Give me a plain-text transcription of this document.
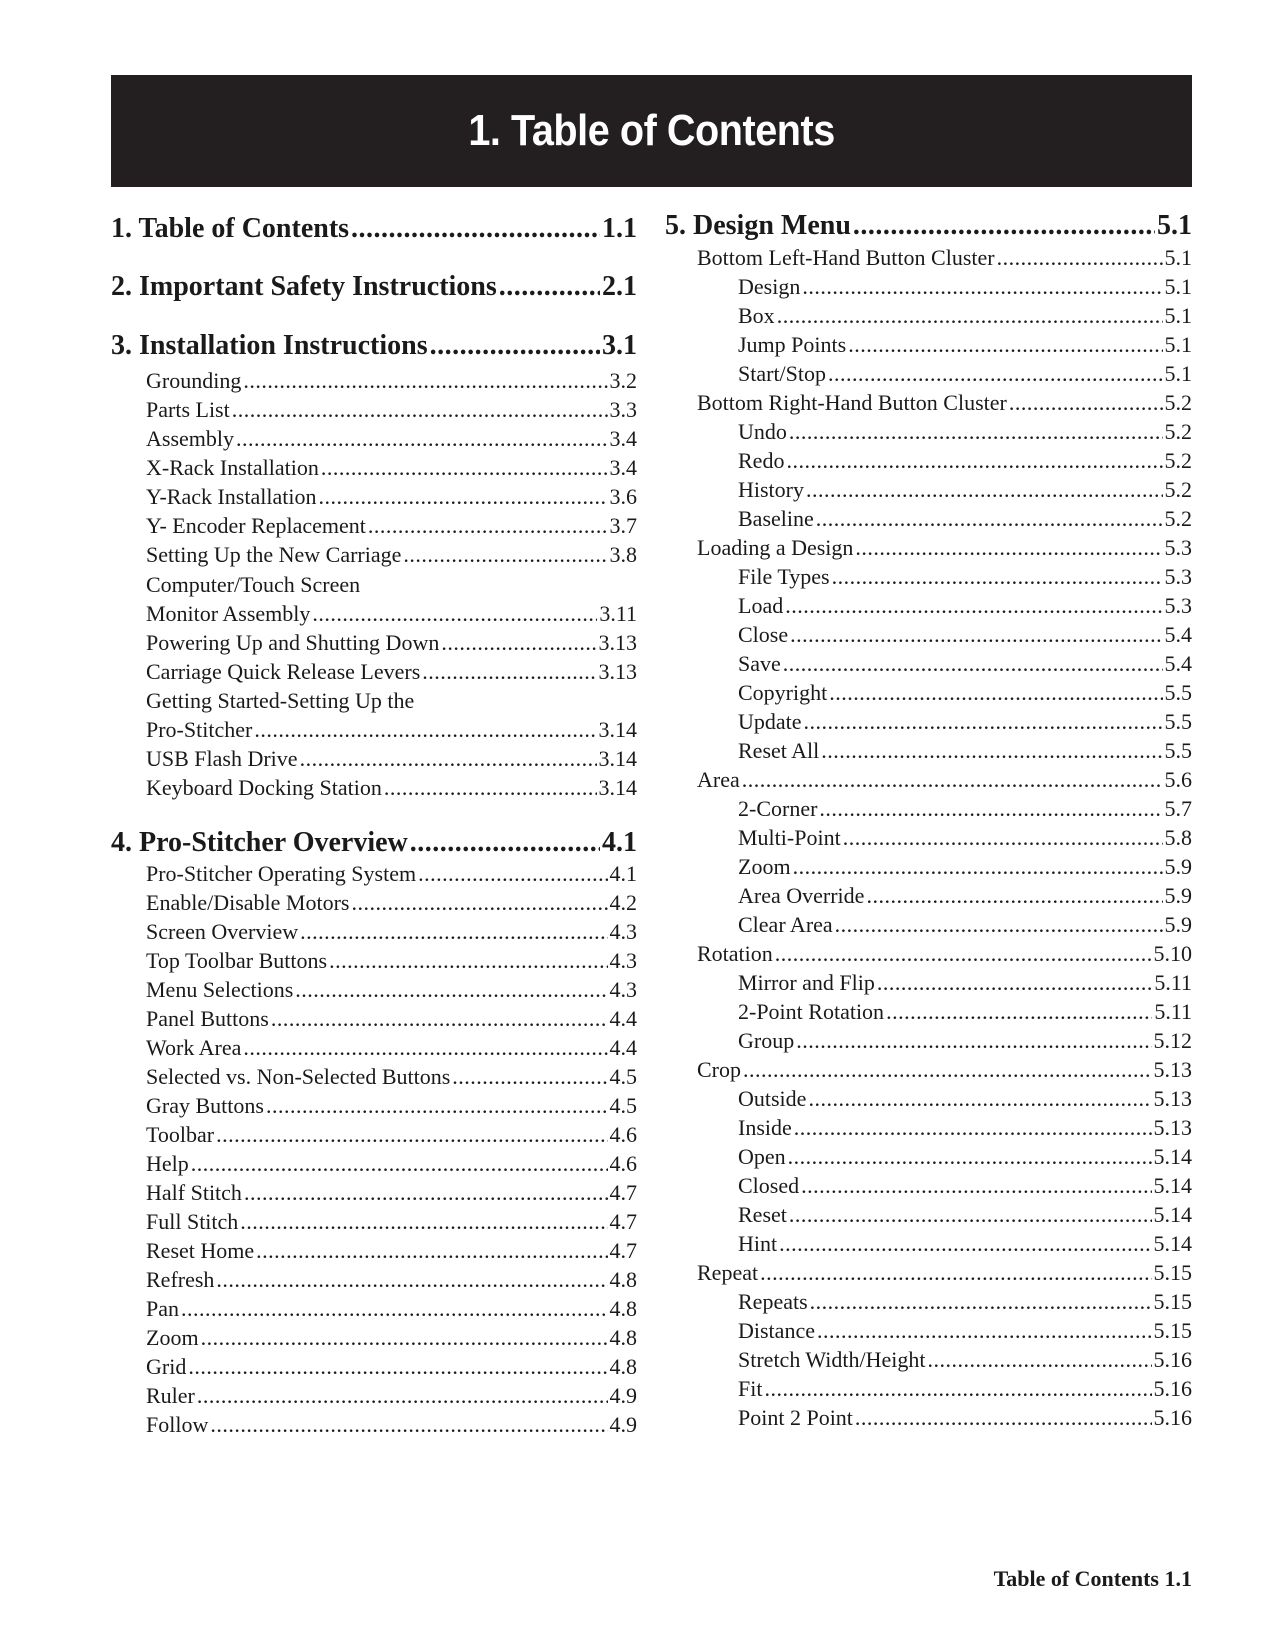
1. Table of Contents
1. Table of Contents .....	1.1
2. Important Safety Instructions .....	2.1
3. Installation Instructions .....	3.1
Grounding .....	3.2
Parts List .....	3.3
Assembly .....	3.4
X-Rack Installation .....	3.4
Y-Rack Installation .....	3.6
Y- Encoder Replacement .....	3.7
Setting Up the New Carriage .....	3.8
Computer/Touch Screen
Monitor Assembly .....	3.11
Powering Up and Shutting Down .....	3.13
Carriage Quick Release Levers .....	3.13
Getting Started-Setting Up the
Pro-Stitcher .....	3.14
USB Flash Drive .....	3.14
Keyboard Docking Station .....	3.14
4. Pro-Stitcher Overview .....	4.1
Pro-Stitcher Operating System .....	4.1
Enable/Disable Motors .....	4.2
Screen Overview .....	4.3
Top Toolbar Buttons .....	4.3
Menu Selections .....	4.3
Panel Buttons .....	4.4
Work Area .....	4.4
Selected vs. Non-Selected Buttons .....	4.5
Gray Buttons .....	4.5
Toolbar .....	4.6
Help .....	4.6
Half Stitch .....	4.7
Full Stitch .....	4.7
Reset Home .....	4.7
Refresh .....	4.8
Pan .....	4.8
Zoom .....	4.8
Grid .....	4.8
Ruler .....	4.9
Follow .....	4.9
5. Design Menu .....	5.1
Bottom Left-Hand Button Cluster .....	5.1
Design .....	5.1
Box .....	5.1
Jump Points .....	5.1
Start/Stop .....	5.1
Bottom Right-Hand Button Cluster .....	5.2
Undo .....	5.2
Redo .....	5.2
History .....	5.2
Baseline .....	5.2
Loading a Design .....	5.3
File Types .....	5.3
Load .....	5.3
Close .....	5.4
Save .....	5.4
Copyright .....	5.5
Update .....	5.5
Reset All .....	5.5
Area .....	5.6
2-Corner .....	5.7
Multi-Point .....	5.8
Zoom .....	5.9
Area Override .....	5.9
Clear Area .....	5.9
Rotation .....	5.10
Mirror and Flip .....	5.11
2-Point Rotation .....	5.11
Group .....	5.12
Crop .....	5.13
Outside .....	5.13
Inside .....	5.13
Open .....	5.14
Closed .....	5.14
Reset .....	5.14
Hint .....	5.14
Repeat .....	5.15
Repeats .....	5.15
Distance .....	5.15
Stretch Width/Height .....	5.16
Fit .....	5.16
Point 2 Point .....	5.16
Table of Contents 1.1
